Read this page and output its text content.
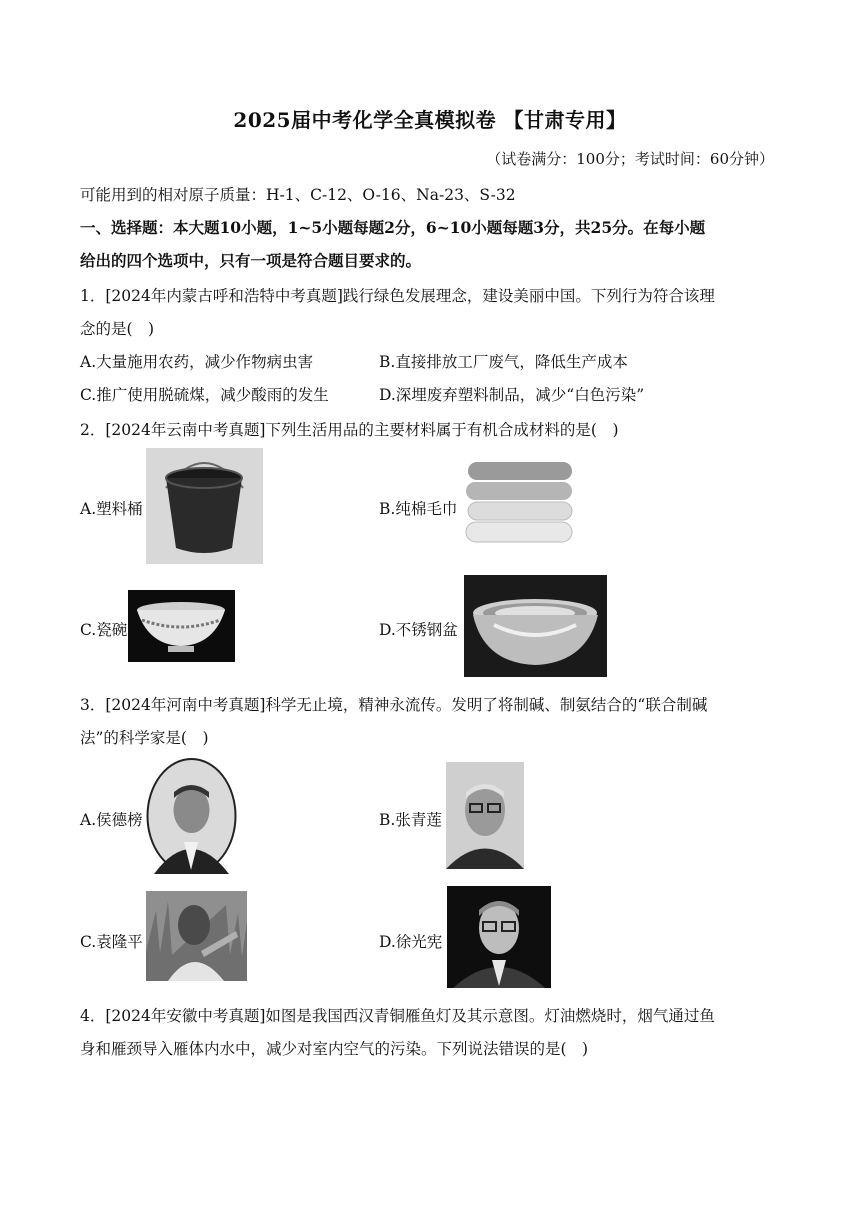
2025届中考化学全真模拟卷 【甘肃专用】
（试卷满分：100分；考试时间：60分钟）
可能用到的相对原子质量：H-1、C-12、O-16、Na-23、S-32
一、选择题：本大题10小题，1~5小题每题2分，6~10小题每题3分，共25分。在每小题
给出的四个选项中，只有一项是符合题目要求的。
1．[2024年内蒙古呼和浩特中考真题]践行绿色发展理念，建设美丽中国。下列行为符合该理
念的是(　)
A.大量施用农药，减少作物病虫害	B.直接排放工厂废气，降低生产成本
C.推广使用脱硫煤，减少酸雨的发生	D.深埋废弃塑料制品，减少“白色污染”
2．[2024年云南中考真题]下列生活用品的主要材料属于有机合成材料的是(　)
A.塑料桶	B.纯棉毛巾
C.瓷碗	D.不锈钢盆
3．[2024年河南中考真题]科学无止境，精神永流传。发明了将制碱、制氨结合的“联合制碱
法”的科学家是(　)
A.侯德榜	B.张青莲
C.袁隆平	D.徐光宪
4．[2024年安徽中考真题]如图是我国西汉青铜雁鱼灯及其示意图。灯油燃烧时，烟气通过鱼
身和雁颈导入雁体内水中，减少对室内空气的污染。下列说法错误的是(　)
